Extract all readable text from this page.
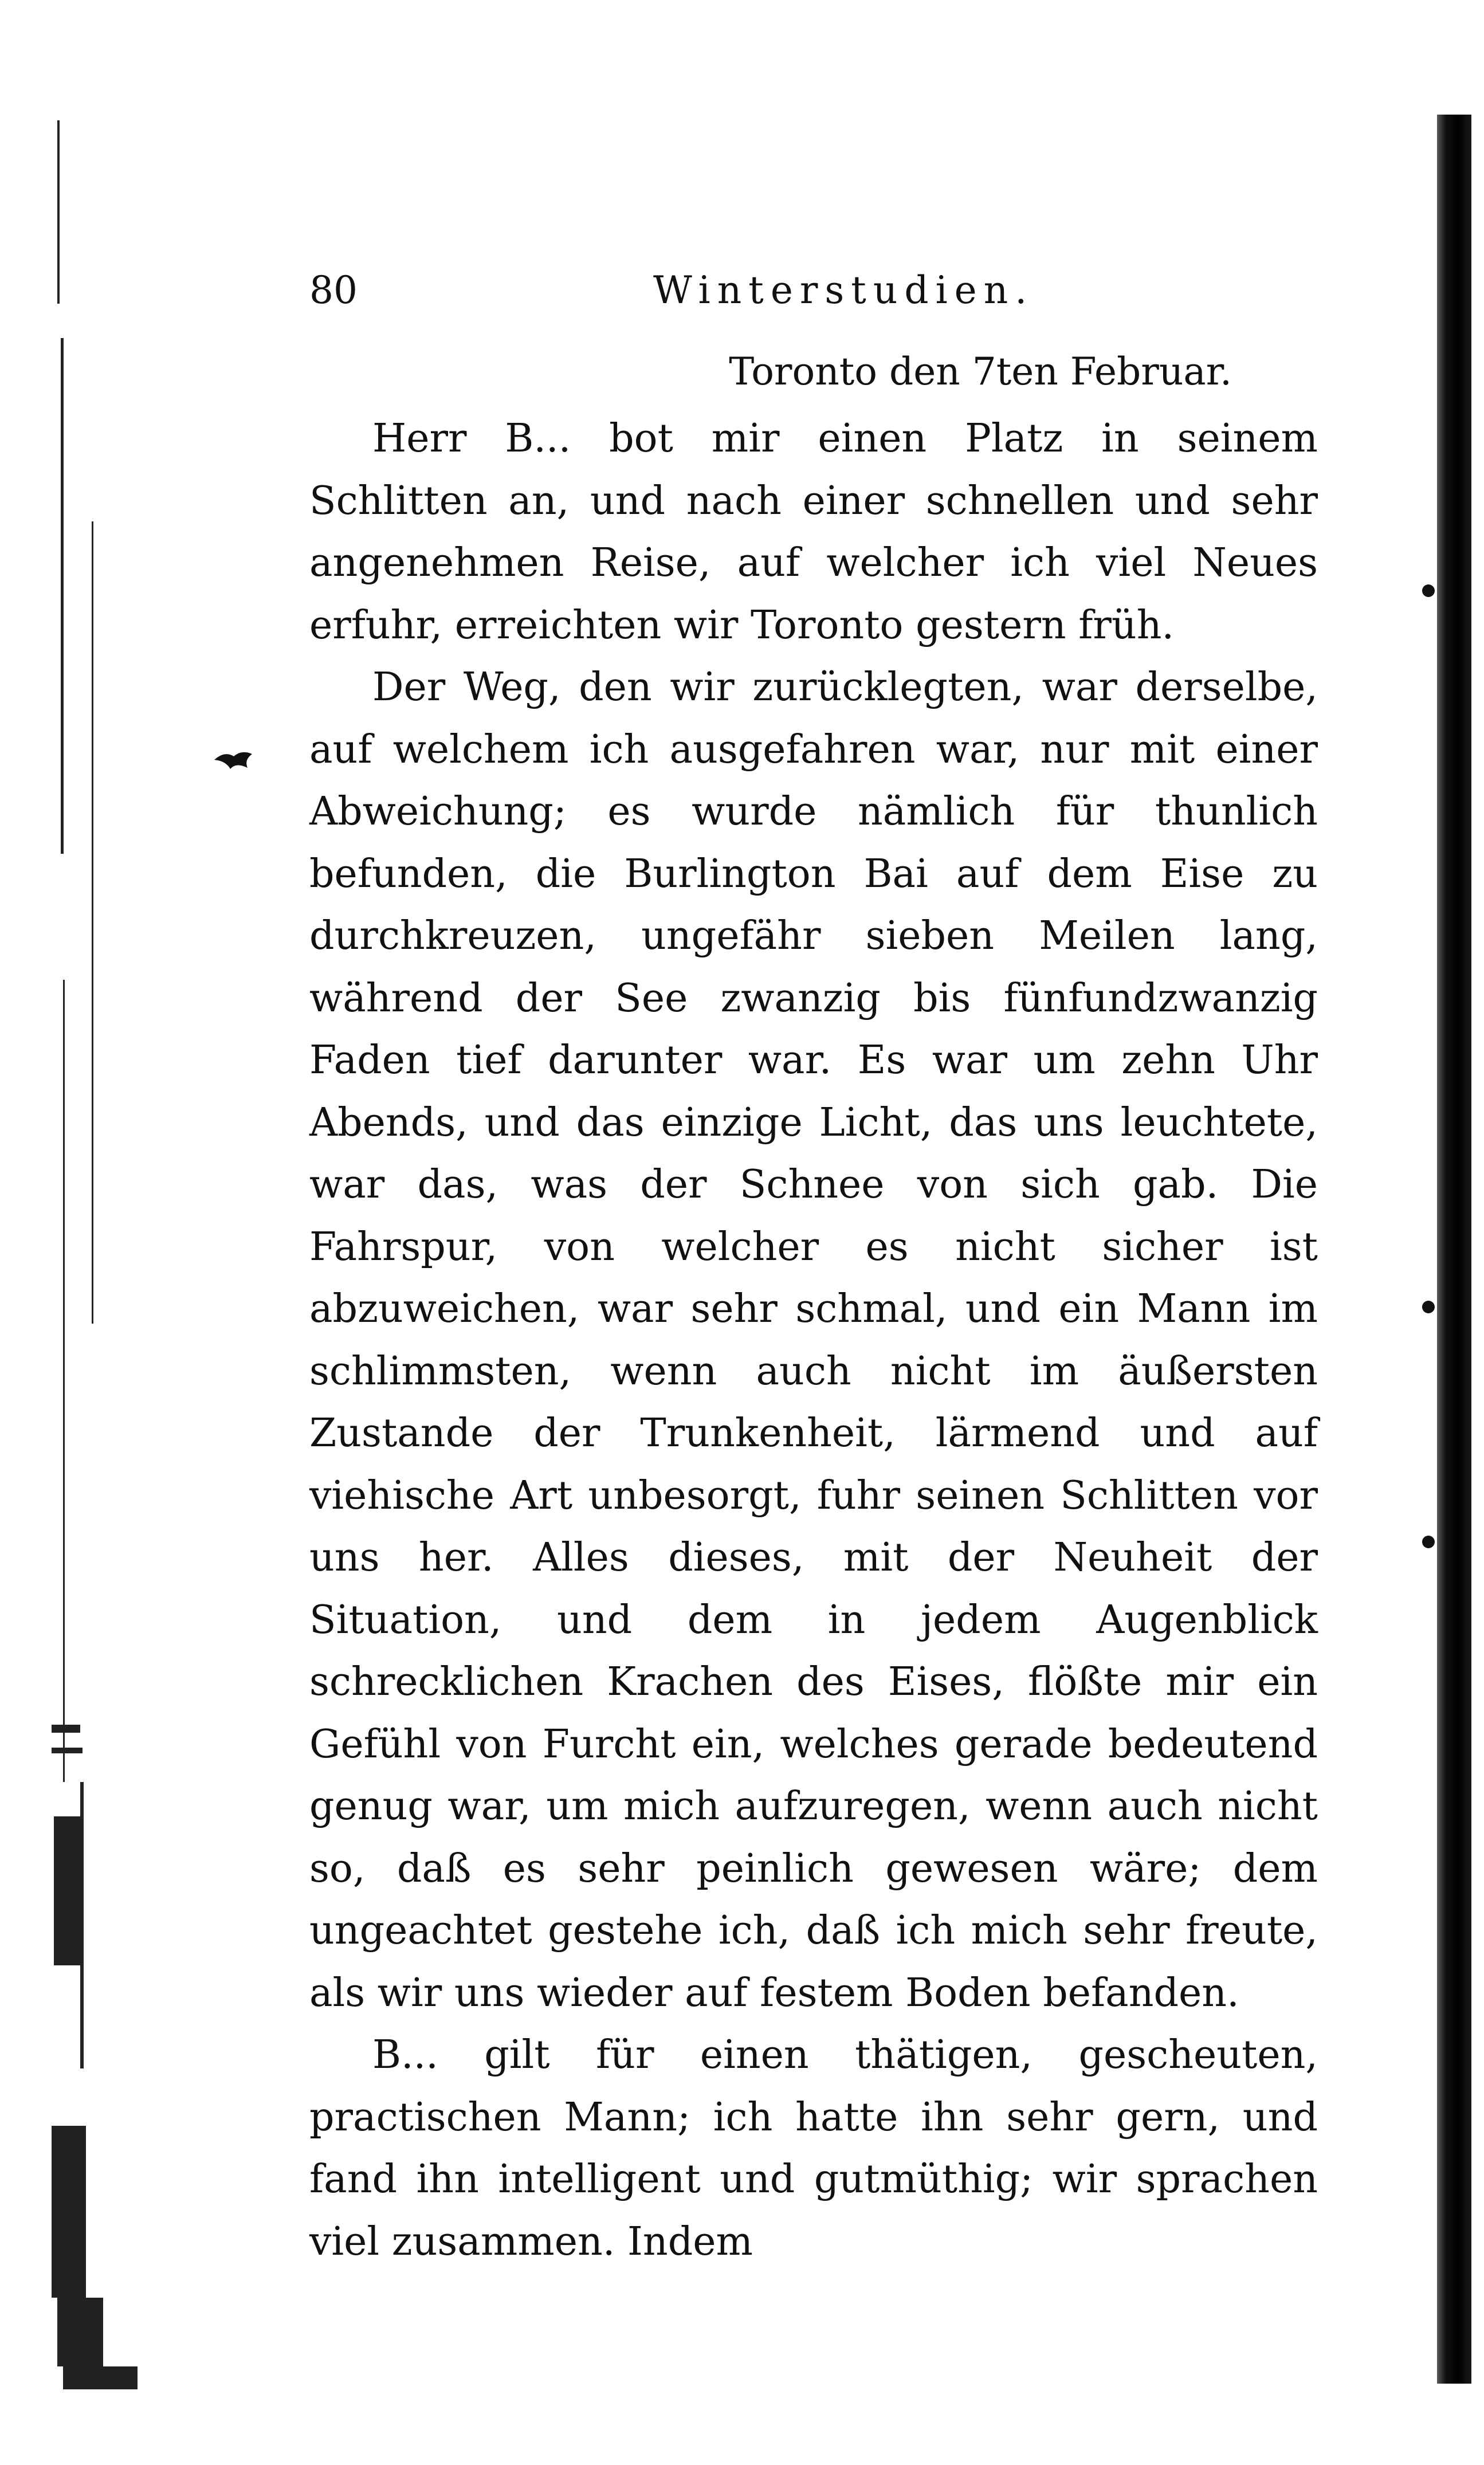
80	Winterstudien.
Toronto den 7ten Februar.

Herr B... bot mir einen Platz in seinem Schlitten an, und nach einer schnellen und sehr angenehmen Reise, auf welcher ich viel Neues erfuhr, erreichten wir Toronto gestern früh.

Der Weg, den wir zurücklegten, war derselbe, auf welchem ich ausgefahren war, nur mit einer Abweichung; es wurde nämlich für thunlich befunden, die Burlington Bai auf dem Eise zu durchkreuzen, ungefähr sieben Meilen lang, während der See zwanzig bis fünfundzwanzig Faden tief darunter war. Es war um zehn Uhr Abends, und das einzige Licht, das uns leuchtete, war das, was der Schnee von sich gab. Die Fahrspur, von welcher es nicht sicher ist abzuweichen, war sehr schmal, und ein Mann im schlimmsten, wenn auch nicht im äußersten Zustande der Trunkenheit, lärmend und auf viehische Art unbesorgt, fuhr seinen Schlitten vor uns her. Alles dieses, mit der Neuheit der Situation, und dem in jedem Augenblick schrecklichen Krachen des Eises, flößte mir ein Gefühl von Furcht ein, welches gerade bedeutend genug war, um mich aufzuregen, wenn auch nicht so, daß es sehr peinlich gewesen wäre; dem ungeachtet gestehe ich, daß ich mich sehr freute, als wir uns wieder auf festem Boden befanden.

B... gilt für einen thätigen, gescheuten, practischen Mann; ich hatte ihn sehr gern, und fand ihn intelligent und gutmüthig; wir sprachen viel zusammen. Indem
